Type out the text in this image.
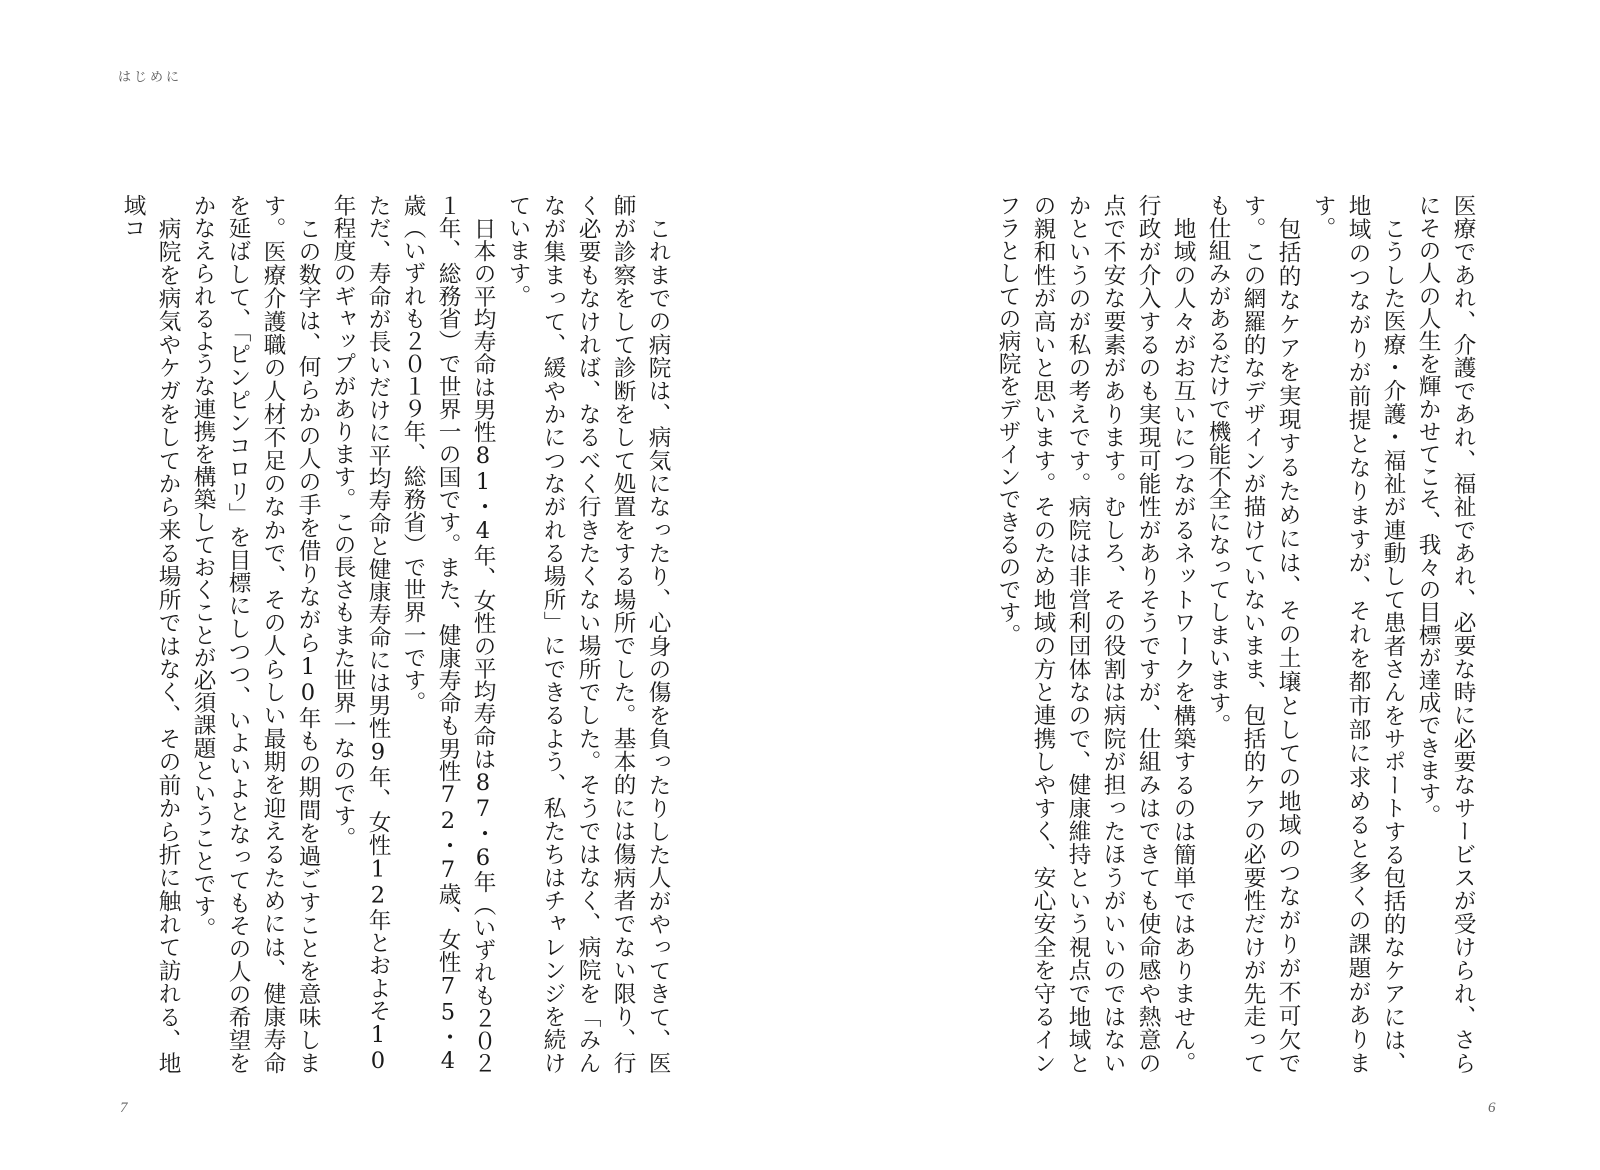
はじめに

医療であれ、介護であれ、福祉であれ、必要な時に必要なサービスが受けられ、さらにその人の人生を輝かせてこそ、我々の目標が達成できます。

こうした医療・介護・福祉が連動して患者さんをサポートする包括的なケアには、地域のつながりが前提となりますが、それを都市部に求めると多くの課題があります。

包括的なケアを実現するためには、その土壌としての地域のつながりが不可欠です。この網羅的なデザインが描けていないまま、包括的ケアの必要性だけが先走っても仕組みがあるだけで機能不全になってしまいます。

地域の人々がお互いにつながるネットワークを構築するのは簡単ではありません。行政が介入するのも実現可能性がありそうですが、仕組みはできても使命感や熱意の点で不安な要素があります。むしろ、その役割は病院が担ったほうがいいのではないかというのが私の考えです。病院は非営利団体なので、健康維持という視点で地域との親和性が高いと思います。そのため地域の方と連携しやすく、安心安全を守るインフラとしての病院をデザインできるのです。

これまでの病院は、病気になったり、心身の傷を負ったりした人がやってきて、医師が診察をして診断をして処置をする場所でした。基本的には傷病者でない限り、行く必要もなければ、なるべく行きたくない場所でした。そうではなく、病院を「みんなが集まって、緩やかにつながれる場所」にできるよう、私たちはチャレンジを続けています。

日本の平均寿命は男性81・4年、女性の平均寿命は87・6年（いずれも２０２１年、総務省）で世界一の国です。また、健康寿命も男性72・7歳、女性75・4歳（いずれも２０１９年、総務省）で世界一です。

ただ、寿命が長いだけに平均寿命と健康寿命には男性9年、女性12年とおよそ10年程度のギャップがあります。この長さもまた世界一なのです。

この数字は、何らかの人の手を借りながら10年もの期間を過ごすことを意味します。医療介護職の人材不足のなかで、その人らしい最期を迎えるためには、健康寿命を延ばして、「ピンピンコロリ」を目標にしつつ、いよいよとなってもその人の希望をかなえられるような連携を構築しておくことが必須課題ということです。

病院を病気やケガをしてから来る場所ではなく、その前から折に触れて訪れる、地域コ

7	6
